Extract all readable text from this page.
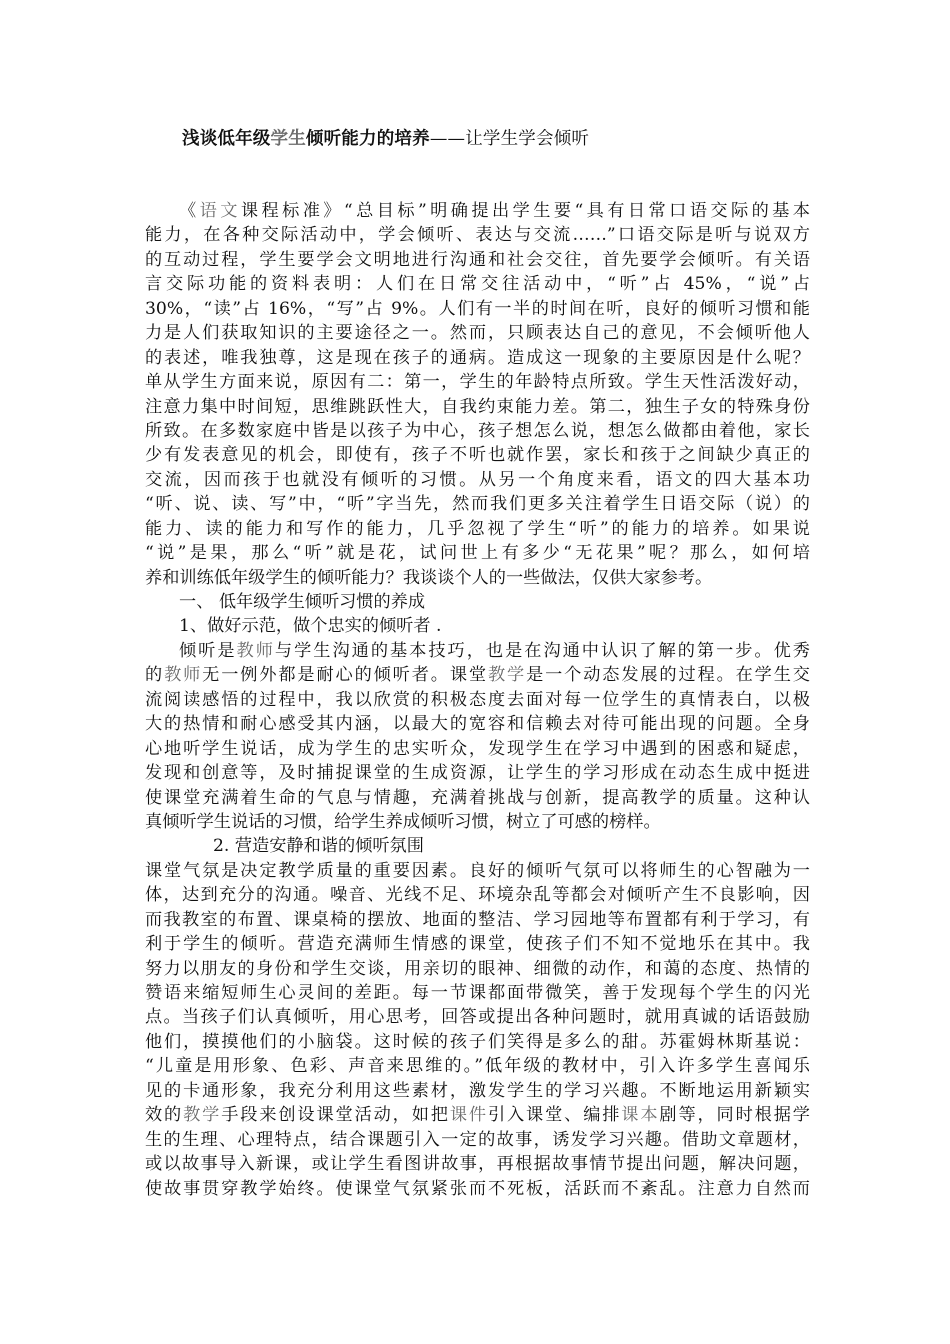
浅谈低年级学生倾听能力的培养——让学生学会倾听
《语文课程标准》“总目标”明确提出学生要“具有日常口语交际的基本
能力，在各种交际活动中，学会倾听、表达与交流……”口语交际是听与说双方
的互动过程，学生要学会文明地进行沟通和社会交往，首先要学会倾听。有关语
言交际功能的资料表明：人们在日常交往活动中，“听”占 45%，“说”占
30%，“读”占 16%，“写”占 9%。人们有一半的时间在听，良好的倾听习惯和能
力是人们获取知识的主要途径之一。然而，只顾表达自己的意见，不会倾听他人
的表述，唯我独尊，这是现在孩子的通病。造成这一现象的主要原因是什么呢？
单从学生方面来说，原因有二：第一，学生的年龄特点所致。学生天性活泼好动，
注意力集中时间短，思维跳跃性大，自我约束能力差。第二，独生子女的特殊身份
所致。在多数家庭中皆是以孩子为中心，孩子想怎么说，想怎么做都由着他，家长
少有发表意见的机会，即使有，孩子不听也就作罢，家长和孩于之间缺少真正的
交流，因而孩于也就没有倾听的习惯。从另一个角度来看，语文的四大基本功
“听、说、读、写”中，“听”字当先，然而我们更多关注着学生日语交际（说）的
能力、读的能力和写作的能力，几乎忽视了学生“听”的能力的培养。如果说
“说”是果，那么“听”就是花，试问世上有多少“无花果”呢？那么，如何培
养和训练低年级学生的倾听能力？我谈谈个人的一些做法，仅供大家参考。
一、 低年级学生倾听习惯的养成
1、做好示范，做个忠实的倾听者 .
倾听是教师与学生沟通的基本技巧，也是在沟通中认识了解的第一步。优秀
的教师无一例外都是耐心的倾听者。课堂教学是一个动态发展的过程。在学生交
流阅读感悟的过程中，我以欣赏的积极态度去面对每一位学生的真情表白，以极
大的热情和耐心感受其内涵，以最大的宽容和信赖去对待可能出现的问题。全身
心地听学生说话，成为学生的忠实听众，发现学生在学习中遇到的困惑和疑虑，
发现和创意等，及时捕捉课堂的生成资源，让学生的学习形成在动态生成中挺进
使课堂充满着生命的气息与情趣，充满着挑战与创新，提高教学的质量。这种认
真倾听学生说话的习惯，给学生养成倾听习惯，树立了可感的榜样。
2. 营造安静和谐的倾听氛围
课堂气氛是决定教学质量的重要因素。良好的倾听气氛可以将师生的心智融为一
体，达到充分的沟通。噪音、光线不足、环境杂乱等都会对倾听产生不良影响，因
而我教室的布置、课桌椅的摆放、地面的整洁、学习园地等布置都有利于学习，有
利于学生的倾听。营造充满师生情感的课堂，使孩子们不知不觉地乐在其中。我
努力以朋友的身份和学生交谈，用亲切的眼神、细微的动作，和蔼的态度、热情的
赞语来缩短师生心灵间的差距。每一节课都面带微笑，善于发现每个学生的闪光
点。当孩子们认真倾听，用心思考，回答或提出各种问题时，就用真诚的话语鼓励
他们，摸摸他们的小脑袋。这时候的孩子们笑得是多么的甜。苏霍姆林斯基说：
“儿童是用形象、色彩、声音来思维的。”低年级的教材中，引入许多学生喜闻乐
见的卡通形象，我充分利用这些素材，激发学生的学习兴趣。不断地运用新颖实
效的教学手段来创设课堂活动，如把课件引入课堂、编排课本剧等，同时根据学
生的生理、心理特点，结合课题引入一定的故事，诱发学习兴趣。借助文章题材，
或以故事导入新课，或让学生看图讲故事，再根据故事情节提出问题，解决问题，
使故事贯穿教学始终。使课堂气氛紧张而不死板，活跃而不紊乱。注意力自然而
